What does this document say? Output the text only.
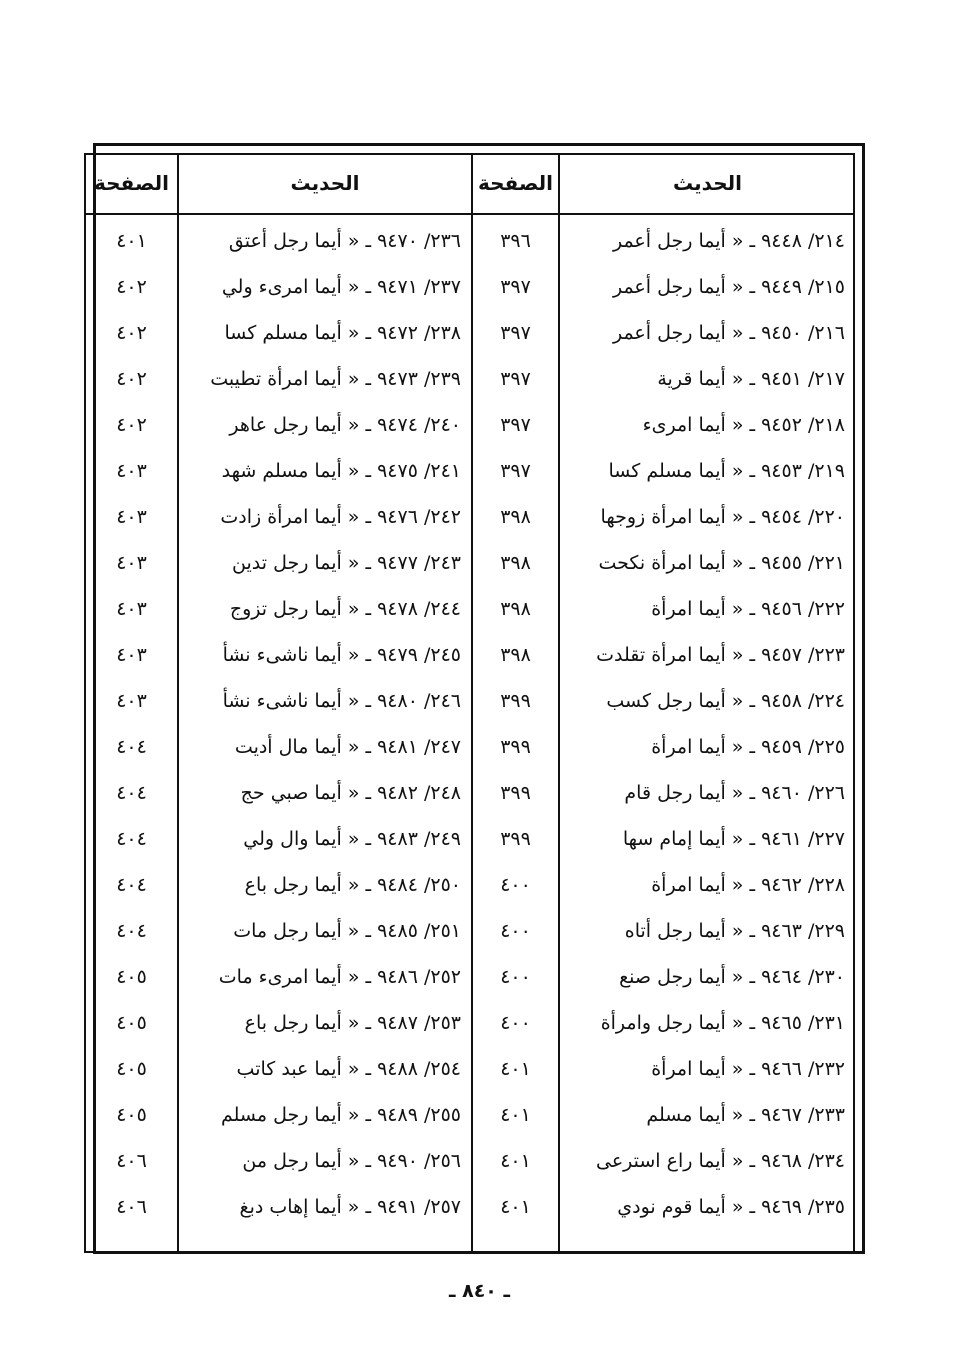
الحديث
الصفحة
الحديث
الصفحة
٢١٤/ ٩٤٤٨ ـ « أيما رجل أعمر
٢١٥/ ٩٤٤٩ ـ « أيما رجل أعمر
٢١٦/ ٩٤٥٠ ـ « أيما رجل أعمر
٢١٧/ ٩٤٥١ ـ « أيما قرية
٢١٨/ ٩٤٥٢ ـ « أيما امرىء
٢١٩/ ٩٤٥٣ ـ « أيما مسلم كسا
٢٢٠/ ٩٤٥٤ ـ « أيما امرأة زوجها
٢٢١/ ٩٤٥٥ ـ « أيما امرأة نكحت
٢٢٢/ ٩٤٥٦ ـ « أيما امرأة
٢٢٣/ ٩٤٥٧ ـ « أيما امرأة تقلدت
٢٢٤/ ٩٤٥٨ ـ « أيما رجل كسب
٢٢٥/ ٩٤٥٩ ـ « أيما امرأة
٢٢٦/ ٩٤٦٠ ـ « أيما رجل قام
٢٢٧/ ٩٤٦١ ـ « أيما إمام سها
٢٢٨/ ٩٤٦٢ ـ « أيما امرأة
٢٢٩/ ٩٤٦٣ ـ « أيما رجل أتاه
٢٣٠/ ٩٤٦٤ ـ « أيما رجل صنع
٢٣١/ ٩٤٦٥ ـ « أيما رجل وامرأة
٢٣٢/ ٩٤٦٦ ـ « أيما امرأة
٢٣٣/ ٩٤٦٧ ـ « أيما مسلم
٢٣٤/ ٩٤٦٨ ـ « أيما راع استرعى
٢٣٥/ ٩٤٦٩ ـ « أيما قوم نودي
٣٩٦
٣٩٧
٣٩٧
٣٩٧
٣٩٧
٣٩٧
٣٩٨
٣٩٨
٣٩٨
٣٩٨
٣٩٩
٣٩٩
٣٩٩
٣٩٩
٤٠٠
٤٠٠
٤٠٠
٤٠٠
٤٠١
٤٠١
٤٠١
٤٠١
٢٣٦/ ٩٤٧٠ ـ « أيما رجل أعتق
٢٣٧/ ٩٤٧١ ـ « أيما امرىء ولي
٢٣٨/ ٩٤٧٢ ـ « أيما مسلم كسا
٢٣٩/ ٩٤٧٣ ـ « أيما امرأة تطيبت
٢٤٠/ ٩٤٧٤ ـ « أيما رجل عاهر
٢٤١/ ٩٤٧٥ ـ « أيما مسلم شهد
٢٤٢/ ٩٤٧٦ ـ « أيما امرأة زادت
٢٤٣/ ٩٤٧٧ ـ « أيما رجل تدين
٢٤٤/ ٩٤٧٨ ـ « أيما رجل تزوج
٢٤٥/ ٩٤٧٩ ـ « أيما ناشىء نشأ
٢٤٦/ ٩٤٨٠ ـ « أيما ناشىء نشأ
٢٤٧/ ٩٤٨١ ـ « أيما مال أديت
٢٤٨/ ٩٤٨٢ ـ « أيما صبي حج
٢٤٩/ ٩٤٨٣ ـ « أيما وال ولي
٢٥٠/ ٩٤٨٤ ـ « أيما رجل باع
٢٥١/ ٩٤٨٥ ـ « أيما رجل مات
٢٥٢/ ٩٤٨٦ ـ « أيما امرىء مات
٢٥٣/ ٩٤٨٧ ـ « أيما رجل باع
٢٥٤/ ٩٤٨٨ ـ « أيما عبد كاتب
٢٥٥/ ٩٤٨٩ ـ « أيما رجل مسلم
٢٥٦/ ٩٤٩٠ ـ « أيما رجل من
٢٥٧/ ٩٤٩١ ـ « أيما إهاب دبغ
٤٠١
٤٠٢
٤٠٢
٤٠٢
٤٠٢
٤٠٣
٤٠٣
٤٠٣
٤٠٣
٤٠٣
٤٠٣
٤٠٤
٤٠٤
٤٠٤
٤٠٤
٤٠٤
٤٠٥
٤٠٥
٤٠٥
٤٠٥
٤٠٦
٤٠٦
ـ ٨٤٠ ـ
